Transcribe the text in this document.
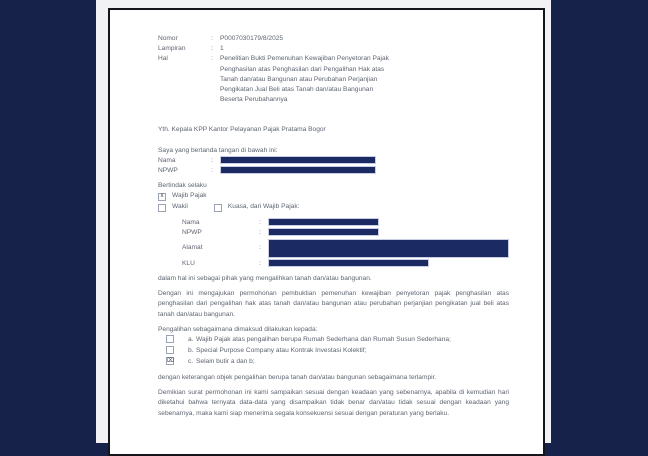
Nomor	:	P0007030179/8/2025
Lampiran	:	1
Hal	:	Penelitian Bukti Pemenuhan Kewajiban Penyetoran Pajak
Penghasilan atas Penghasilan dari Pengalihan Hak atas
Tanah dan/atau Bangunan atau Perubahan Perjanjian
Pengikatan Jual Beli atas Tanah dan/atau Bangunan
Beserta Perubahannya
Yth. Kepala KPP Kantor Pelayanan Pajak Pratama Bogor
Saya yang bertanda tangan di bawah ini:
Nama	:
NPWP	:
Bertindak selaku
x Wajib Pajak
Wakil	Kuasa, dari Wajib Pajak:
Nama	:
NPWP	:
Alamat	:
KLU	:
dalam hal ini sebagai pihak yang mengalihkan tanah dan/atau bangunan.
Dengan ini mengajukan permohonan pembuktian pemenuhan kewajiban penyetoran pajak penghasilan atas penghasilan dari pengalihan hak atas tanah dan/atau bangunan atau perubahan perjanjian pengikatan jual beli atas tanah dan/atau bangunan.
Pengalihan sebagaimana dimaksud dilakukan kepada:
a. Wajib Pajak atas pengalihan berupa Rumah Sederhana dan Rumah Susun Sederhana;
b. Special Purpose Company atau Kontrak Investasi Kolektif;
⌧	c. Selain butir a dan b;
dengan keterangan objek pengalihan berupa tanah dan/atau bangunan sebagaimana terlampir.
Demikian surat permohonan ini kami sampaikan sesuai dengan keadaan yang sebenarnya, apabila di kemudian hari diketahui bahwa ternyata data-data yang disampaikan tidak benar dan/atau tidak sesuai dengan keadaan yang sebenarnya, maka kami siap menerima segala konsekuensi sesuai dengan peraturan yang berlaku.
